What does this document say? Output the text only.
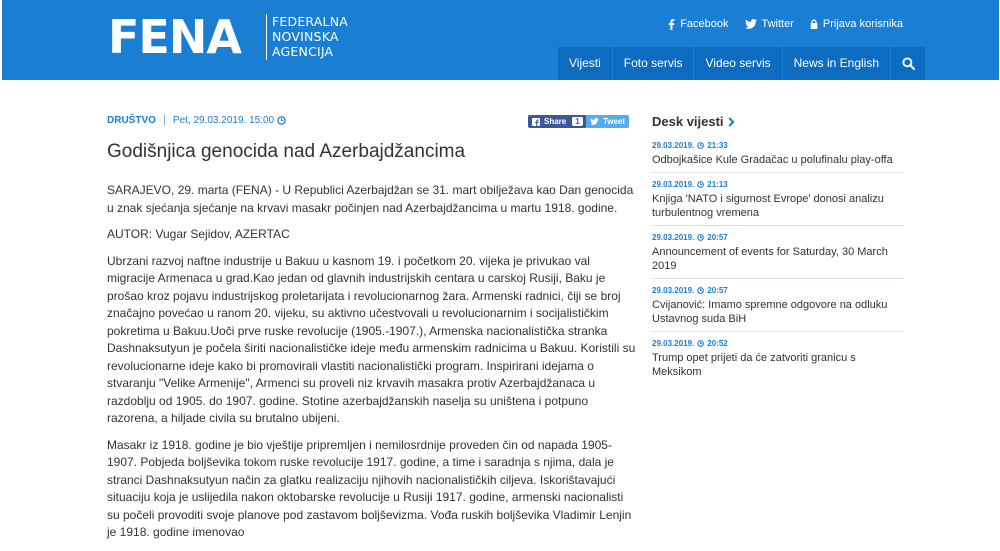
FENA FEDERALNA
NOVINSKA
AGENCIJA
Facebook	Twitter	Prijava korisnika
Vijesti	Foto servis	Video servis	News in English
DRUŠTVO Pet, 29.03.2019. 15:00	Share	1	Tweet
Godišnjica genocida nad Azerbajdžancima

SARAJEVO, 29. marta (FENA) - U Republici Azerbajdžan se 31. mart obilježava kao Dan genocida u znak sjećanja sjećanje na krvavi masakr počinjen nad Azerbajdžancima u martu 1918. godine.

AUTOR: Vugar Sejidov, AZERTAC

Ubrzani razvoj naftne industrije u Bakuu u kasnom 19. i početkom 20. vijeka je privukao val migracije Armenaca u grad.Kao jedan od glavnih industrijskih centara u carskoj Rusiji, Baku je prošao kroz pojavu industrijskog proletarijata i revolucionarnog žara. Armenski radnici, čiji se broj značajno povećao u ranom 20. vijeku, su aktivno učestvovali u revolucionarnim i socijalističkim pokretima u Bakuu.Uoči prve ruske revolucije (1905.-1907.), Armenska nacionalistička stranka Dashnaksutyun je počela širiti nacionalističke ideje među armenskim radnicima u Bakuu. Koristili su revolucionarne ideje kako bi promovirali vlastiti nacionalistički program. Inspirirani idejama o stvaranju "Velike Armenije", Armenci su proveli niz krvavih masakra protiv Azerbajdžanaca u razdoblju od 1905. do 1907. godine. Stotine azerbajdžanskih naselja su uništena i potpuno razorena, a hiljade civila su brutalno ubijeni.

Masakr iz 1918. godine je bio vještije pripremljen i nemilosrdnije proveden čin od napada 1905-1907. Pobjeda boljševika tokom ruske revolucije 1917. godine, a time i saradnja s njima, dala je stranci Dashnaksutyun način za glatku realizaciju njihovih nacionalističkih ciljeva. Iskorištavajući situaciju koja je uslijedila nakon oktobarske revolucije u Rusiji 1917. godine, armenski nacionalisti su počeli provoditi svoje planove pod zastavom boljševizma. Vođa ruskih boljševika Vladimir Lenjin je 1918. godine imenovao

Desk vijesti
29.03.2019. 21:33
Odbojkašice Kule Gradačac u polufinalu play-offa
29.03.2019. 21:13
Knjiga 'NATO i sigurnost Evrope' donosi analizu turbulentnog vremena
29.03.2019. 20:57
Announcement of events for Saturday, 30 March 2019
29.03.2019. 20:57
Cvijanović: Imamo spremne odgovore na odluku Ustavnog suda BiH
29.03.2019. 20:52
Trump opet prijeti da će zatvoriti granicu s Meksikom
